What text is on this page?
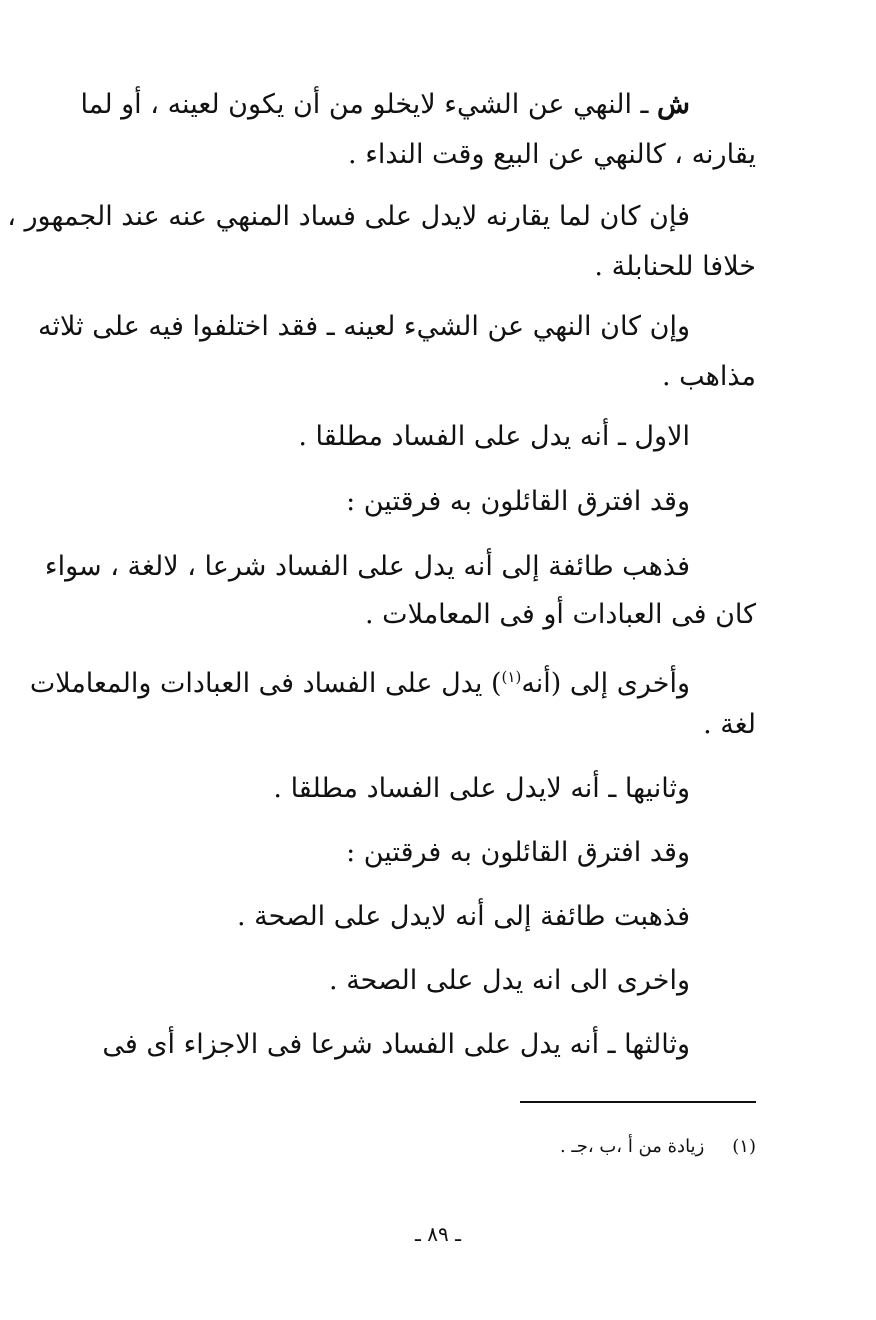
ش ـ النهي عن الشيء لايخلو من أن يكون لعينه ، أو لما
يقارنه ، كالنهي عن البيع وقت النداء .
فإن كان لما يقارنه لايدل على فساد المنهي عنه عند الجمهور ،
خلافا للحنابلة .
وإن كان النهي عن الشيء لعينه ـ فقد اختلفوا فيه على ثلاثه
مذاهب .
الاول ـ أنه يدل على الفساد مطلقا .
وقد افترق القائلون به فرقتين :
فذهب طائفة إلى أنه يدل على الفساد شرعا ، لالغة ، سواء
كان فى العبادات أو فى المعاملات .
وأخرى إلى (أنه$^{(١)}$) يدل على الفساد فى العبادات والمعاملات
لغة .
وثانيها ـ أنه لايدل على الفساد مطلقا .
وقد افترق القائلون به فرقتين :
فذهبت طائفة إلى أنه لايدل على الصحة .
واخرى الى انه يدل على الصحة .
وثالثها ـ أنه يدل على الفساد شرعا فى الاجزاء أى فى
(١)زيادة من أ ،ب ،جـ .
ـ ٨٩ ـ
